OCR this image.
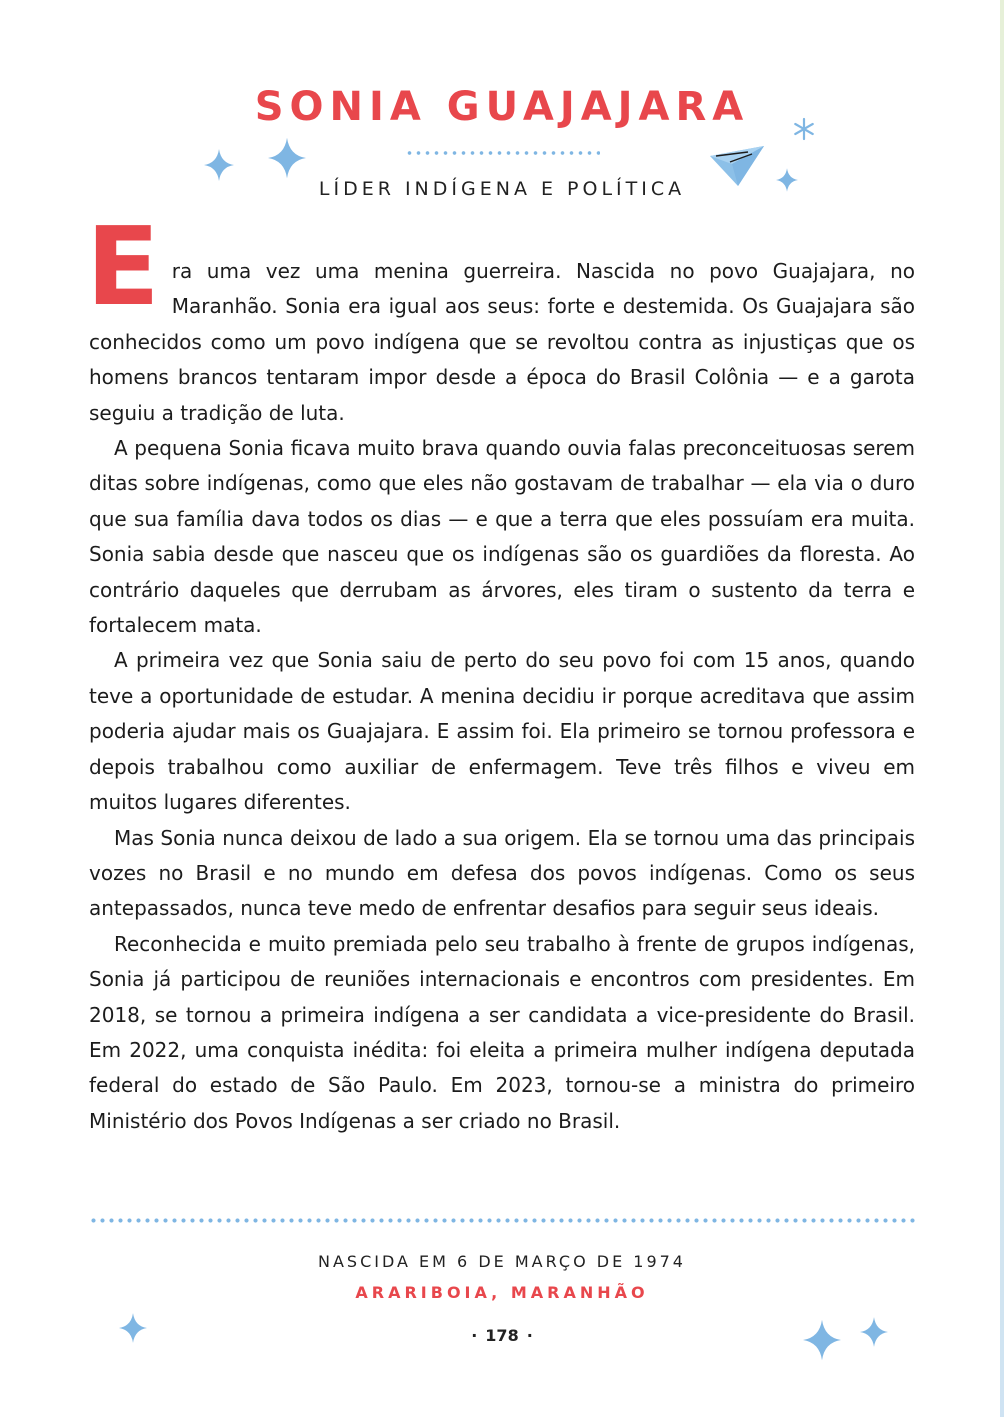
SONIA GUAJAJARA
LÍDER INDÍGENA E POLÍTICA

Era uma vez uma menina guerreira. Nascida no povo Guajajara, no Maranhão. Sonia era igual aos seus: forte e destemida. Os Guajajara são conhecidos como um povo indígena que se revoltou contra as injustiças que os homens brancos tentaram impor desde a época do Brasil Colônia — e a garota seguiu a tradição de luta.

A pequena Sonia ficava muito brava quando ouvia falas preconceituosas serem ditas sobre indígenas, como que eles não gostavam de trabalhar — ela via o duro que sua família dava todos os dias — e que a terra que eles possuíam era muita. Sonia sabia desde que nasceu que os indígenas são os guardiões da floresta. Ao contrário daqueles que derrubam as árvores, eles tiram o sustento da terra e fortalecem mata.

A primeira vez que Sonia saiu de perto do seu povo foi com 15 anos, quando teve a oportunidade de estudar. A menina decidiu ir porque acreditava que assim poderia ajudar mais os Guajajara. E assim foi. Ela primeiro se tornou professora e depois trabalhou como auxiliar de enfermagem. Teve três filhos e viveu em muitos lugares diferentes.

Mas Sonia nunca deixou de lado a sua origem. Ela se tornou uma das principais vozes no Brasil e no mundo em defesa dos povos indígenas. Como os seus antepassados, nunca teve medo de enfrentar desafios para seguir seus ideais.

Reconhecida e muito premiada pelo seu trabalho à frente de grupos indígenas, Sonia já participou de reuniões internacionais e encontros com presidentes. Em 2018, se tornou a primeira indígena a ser candidata a vice-presidente do Brasil. Em 2022, uma conquista inédita: foi eleita a primeira mulher indígena deputada federal do estado de São Paulo. Em 2023, tornou-se a ministra do primeiro Ministério dos Povos Indígenas a ser criado no Brasil.

NASCIDA EM 6 DE MARÇO DE 1974
ARARIBOIA, MARANHÃO
· 178 ·
